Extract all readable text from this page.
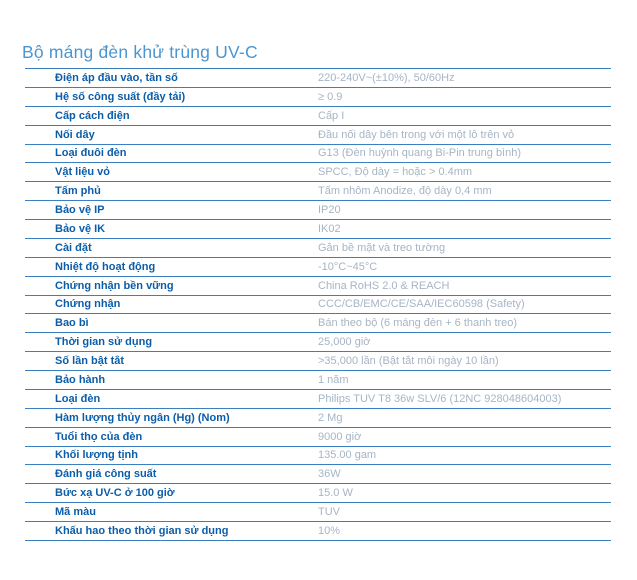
Bộ máng đèn khử trùng UV-C
Điện áp đầu vào, tần số	220-240V~(±10%), 50/60Hz
Hệ số công suất (đầy tải)	≥ 0.9
Cấp cách điện	Cấp I
Nối dây	Đầu nối dây bên trong với một lỗ trên vỏ
Loại đuôi đèn	G13 (Đèn huỳnh quang Bi-Pin trung bình)
Vật liệu vỏ	SPCC, Độ dày = hoặc > 0.4mm
Tấm phủ	Tấm nhôm Anodize, độ dày 0,4 mm
Bảo vệ IP	IP20
Bảo vệ IK	IK02
Cài đặt	Gắn bề mặt và treo tường
Nhiệt độ hoạt động	-10°C~45°C
Chứng nhận bền vững	China RoHS 2.0 & REACH
Chứng nhận	CCC/CB/EMC/CE/SAA/IEC60598 (Safety)
Bao bì	Bán theo bộ (6 máng đèn + 6 thanh treo)
Thời gian sử dụng	25,000 giờ
Số lần bật tắt	>35,000 lần (Bật tắt mỗi ngày 10 lần)
Bảo hành	1 năm
Loại đèn	Philips TUV T8 36w SLV/6 (12NC 928048604003)
Hàm lượng thủy ngân (Hg) (Nom)	2 Mg
Tuổi thọ của đèn	9000 giờ
Khối lượng tịnh	135.00 gam
Đánh giá công suất	36W
Bức xạ UV-C ở 100 giờ	15.0 W
Mã màu	TUV
Khấu hao theo thời gian sử dụng	10%
